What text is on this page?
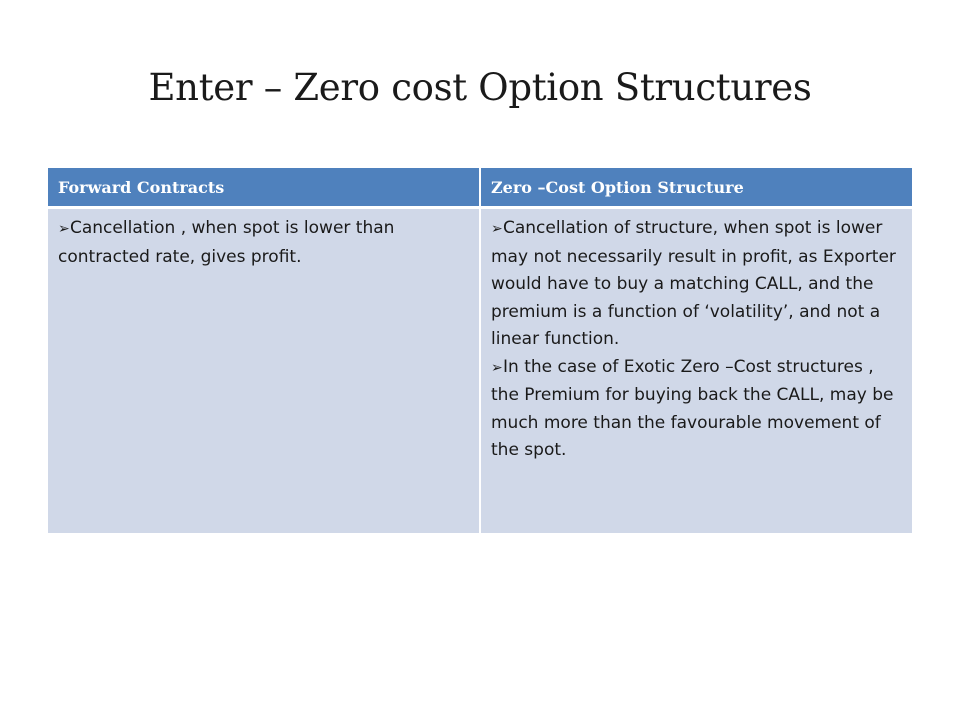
Enter – Zero cost Option Structures
Forward Contracts	Zero –Cost Option Structure

➢Cancellation , when spot is lower than contracted rate, gives profit.	➢Cancellation of structure, when spot is lower may not necessarily result in profit, as Exporter would have to buy a matching CALL, and the premium is a function of ‘volatility’, and not a linear function.

➢In the case of Exotic Zero –Cost structures , the Premium for buying back the CALL, may be much more than the favourable movement of the spot.
